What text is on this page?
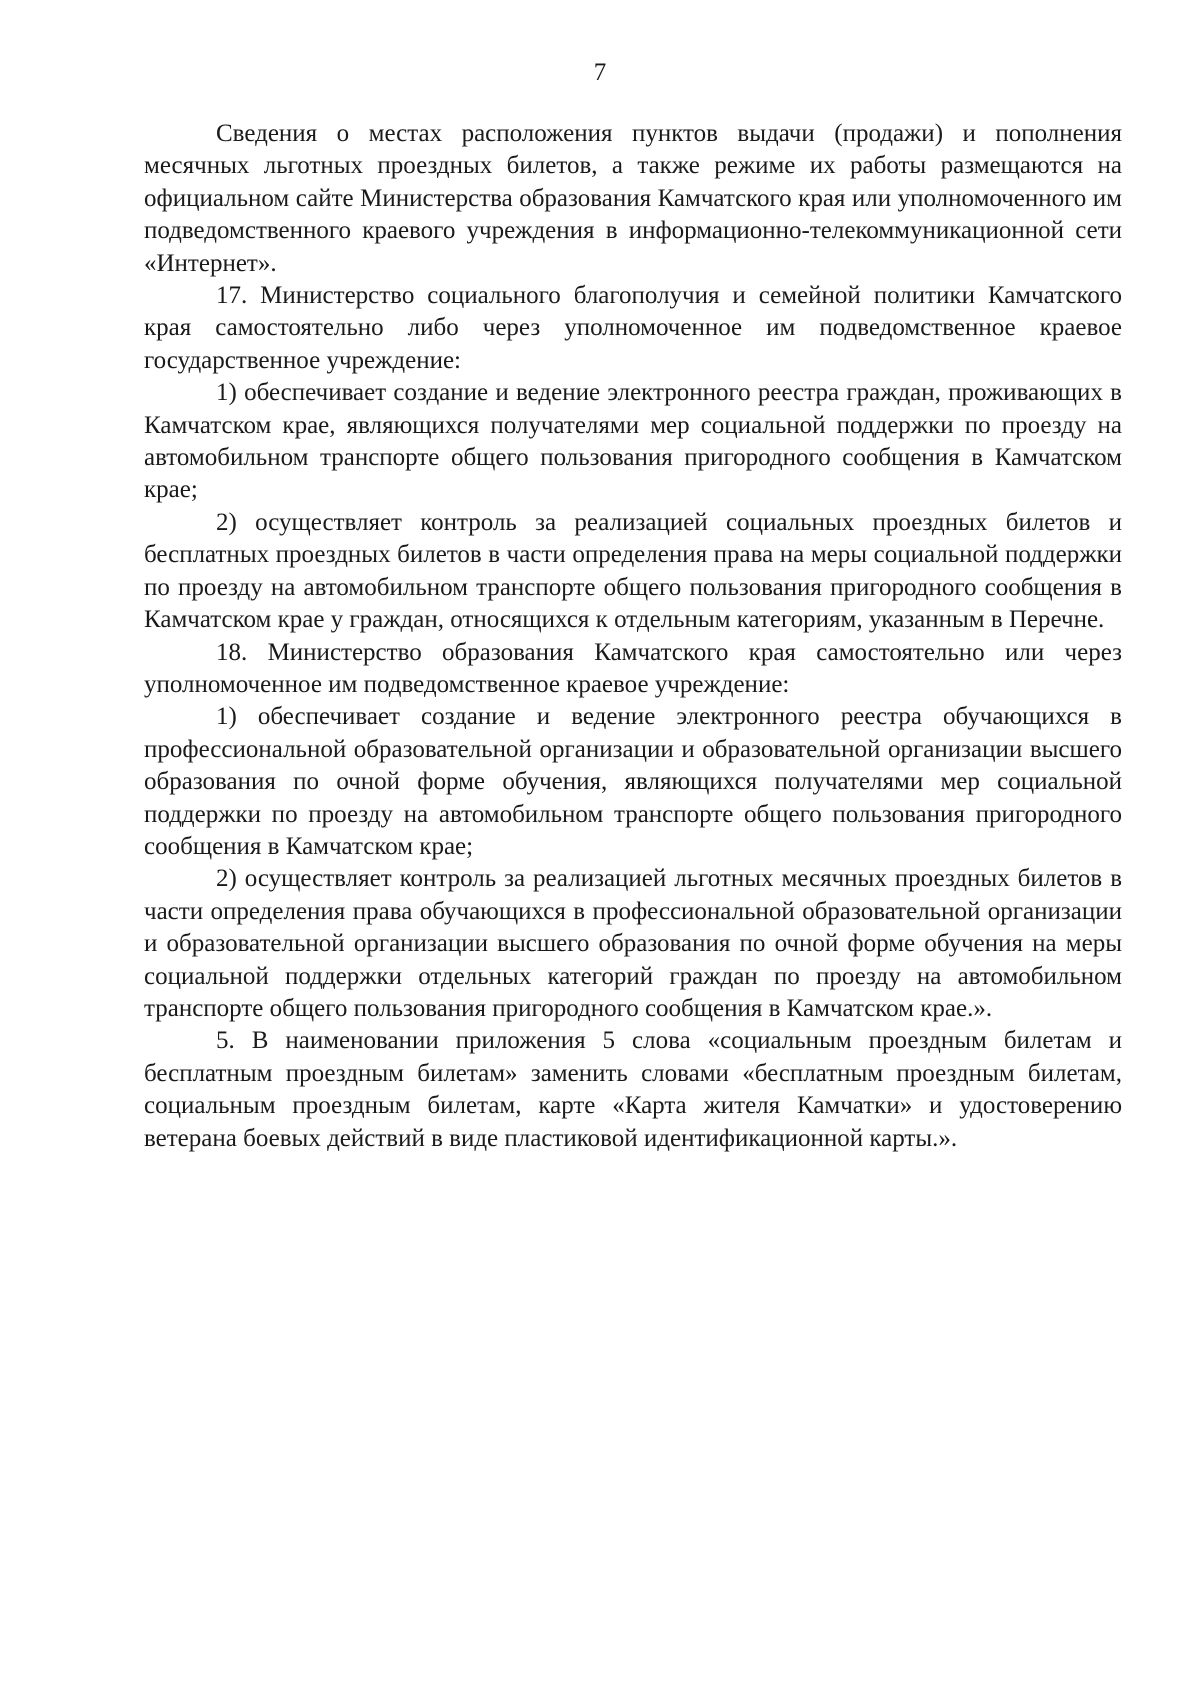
7

Сведения о местах расположения пунктов выдачи (продажи) и пополнения месячных льготных проездных билетов, а также режиме их работы размещаются на официальном сайте Министерства образования Камчатского края или уполномоченного им подведомственного краевого учреждения в информационно-телекоммуникационной сети «Интернет».

17. Министерство социального благополучия и семейной политики Камчатского края самостоятельно либо через уполномоченное им подведомственное краевое государственное учреждение:

1) обеспечивает создание и ведение электронного реестра граждан, проживающих в Камчатском крае, являющихся получателями мер социальной поддержки по проезду на автомобильном транспорте общего пользования пригородного сообщения в Камчатском крае;

2) осуществляет контроль за реализацией социальных проездных билетов и бесплатных проездных билетов в части определения права на меры социальной поддержки по проезду на автомобильном транспорте общего пользования пригородного сообщения в Камчатском крае у граждан, относящихся к отдельным категориям, указанным в Перечне.

18. Министерство образования Камчатского края самостоятельно или через уполномоченное им подведомственное краевое учреждение:

1) обеспечивает создание и ведение электронного реестра обучающихся в профессиональной образовательной организации и образовательной организации высшего образования по очной форме обучения, являющихся получателями мер социальной поддержки по проезду на автомобильном транспорте общего пользования пригородного сообщения в Камчатском крае;

2) осуществляет контроль за реализацией льготных месячных проездных билетов в части определения права обучающихся в профессиональной образовательной организации и образовательной организации высшего образования по очной форме обучения на меры социальной поддержки отдельных категорий граждан по проезду на автомобильном транспорте общего пользования пригородного сообщения в Камчатском крае.».

5. В наименовании приложения 5 слова «социальным проездным билетам и бесплатным проездным билетам» заменить словами «бесплатным проездным билетам, социальным проездным билетам, карте «Карта жителя Камчатки» и удостоверению ветерана боевых действий в виде пластиковой идентификационной карты.».
